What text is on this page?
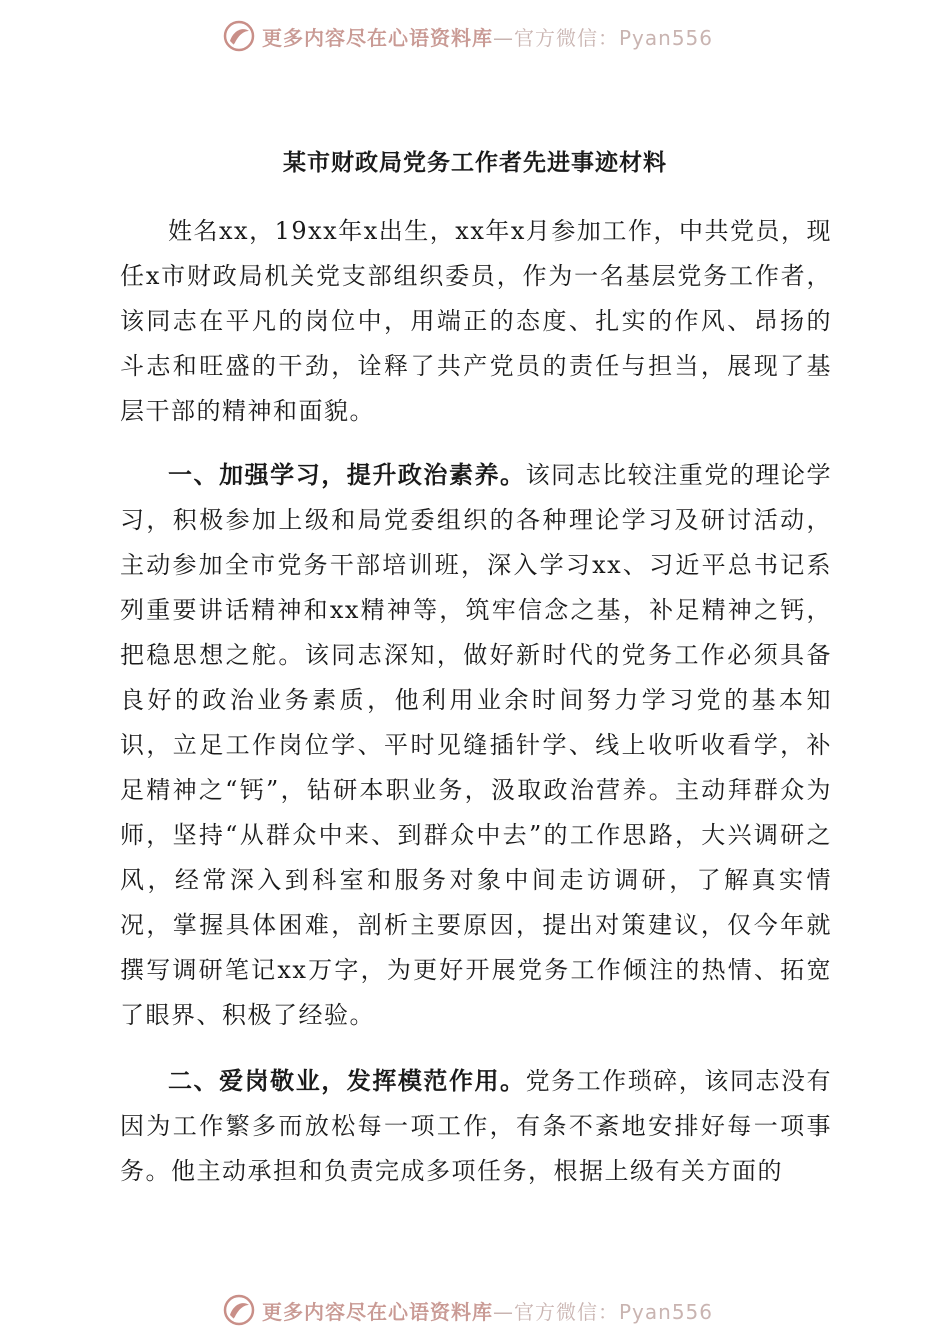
更多内容尽在心语资料库 —官方微信：Pyan556
某市财政局党务工作者先进事迹材料

姓名xx，19xx年x出生，xx年x月参加工作，中共党员，现任x市财政局机关党支部组织委员，作为一名基层党务工作者，该同志在平凡的岗位中，用端正的态度、扎实的作风、昂扬的斗志和旺盛的干劲，诠释了共产党员的责任与担当，展现了基层干部的精神和面貌。

一、加强学习，提升政治素养。该同志比较注重党的理论学习，积极参加上级和局党委组织的各种理论学习及研讨活动，主动参加全市党务干部培训班，深入学习xx、习近平总书记系列重要讲话精神和xx精神等，筑牢信念之基，补足精神之钙，把稳思想之舵。该同志深知，做好新时代的党务工作必须具备良好的政治业务素质，他利用业余时间努力学习党的基本知识，立足工作岗位学、平时见缝插针学、线上收听收看学，补足精神之“钙”，钻研本职业务，汲取政治营养。主动拜群众为师，坚持“从群众中来、到群众中去”的工作思路，大兴调研之风，经常深入到科室和服务对象中间走访调研，了解真实情况，掌握具体困难，剖析主要原因，提出对策建议，仅今年就撰写调研笔记xx万字，为更好开展党务工作倾注的热情、拓宽了眼界、积极了经验。

二、爱岗敬业，发挥模范作用。党务工作琐碎，该同志没有因为工作繁多而放松每一项工作，有条不紊地安排好每一项事务。他主动承担和负责完成多项任务，根据上级有关方面的

更多内容尽在心语资料库 —官方微信：Pyan556
